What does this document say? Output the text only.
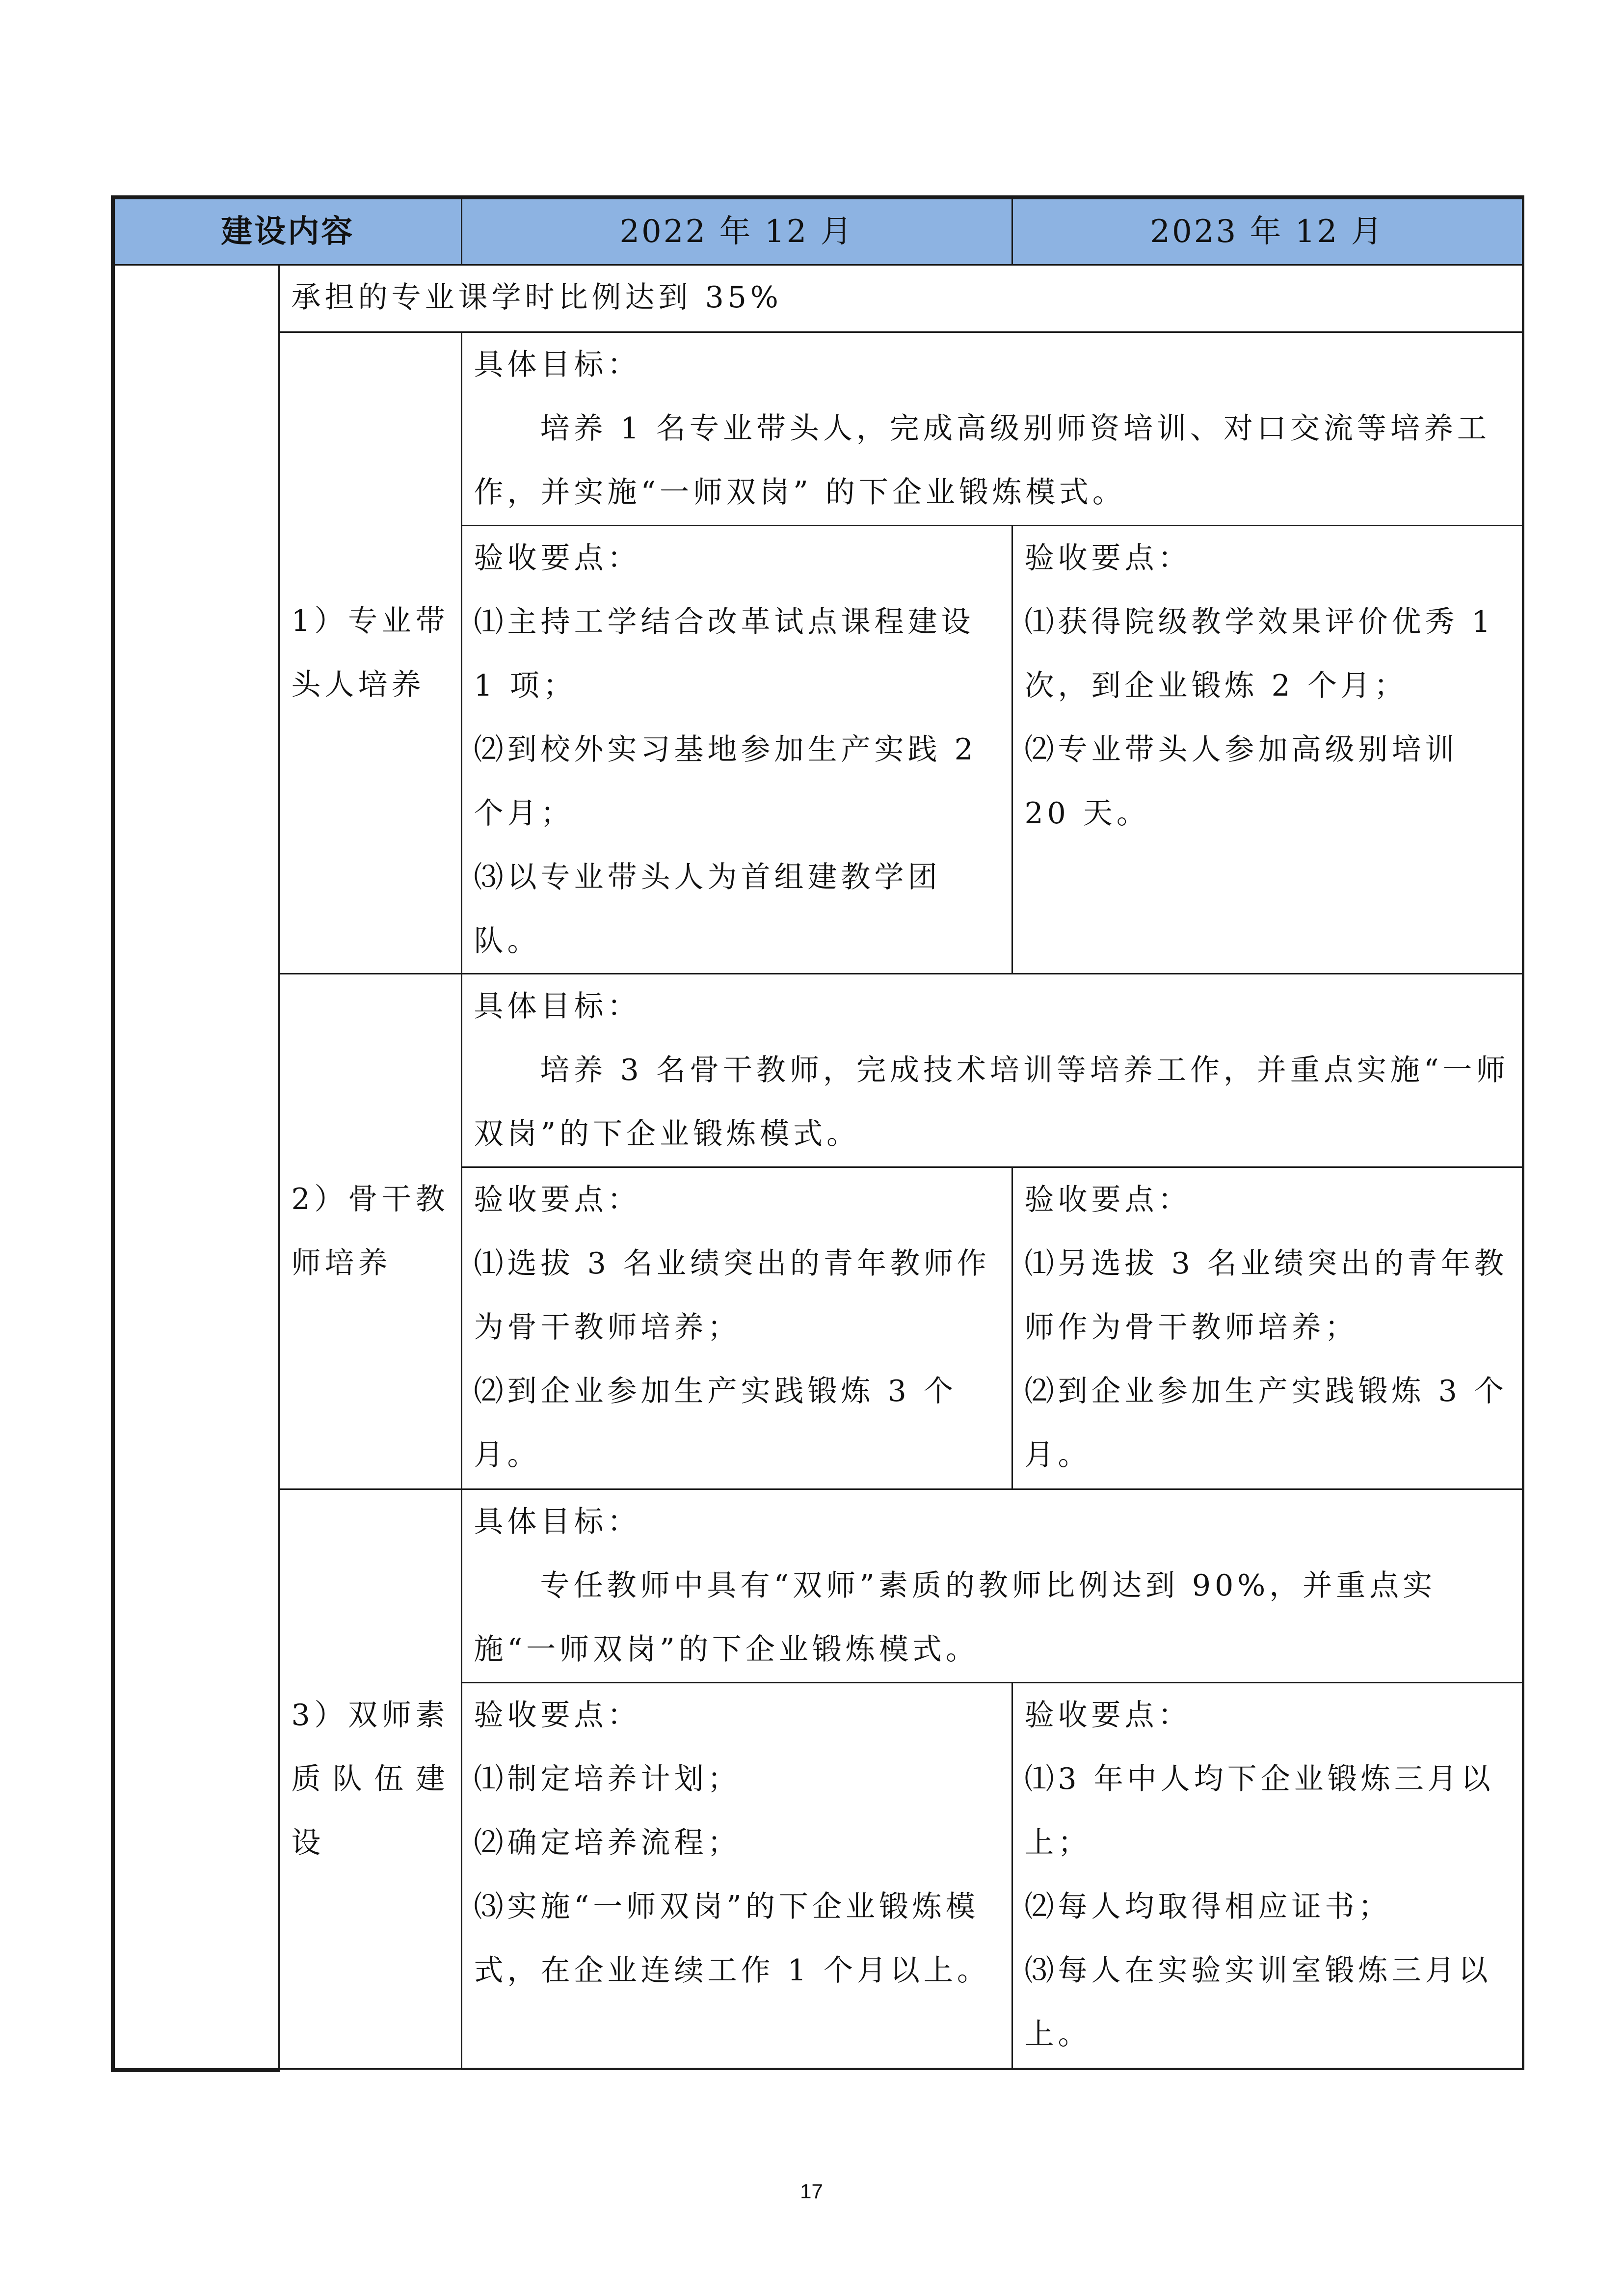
建设内容		2022 年 12 月	2023 年 12 月
	承担的专业课学时比例达到 35%		

	1）专业带头人培养	具体目标：
培养 1 名专业带头人，完成高级别师资培训、对口交流等培养工作，并实施“一师双岗” 的下企业锻炼模式。	

		验收要点：
⑴主持工学结合改革试点课程建设 1 项；
⑵到校外实习基地参加生产实践 2 个月；
⑶以专业带头人为首组建教学团队。	验收要点：
⑴获得院级教学效果评价优秀 1 次，到企业锻炼 2 个月；
⑵专业带头人参加高级别培训 20 天。

	2）骨干教师培养	具体目标：
培养 3 名骨干教师，完成技术培训等培养工作，并重点实施“一师双岗”的下企业锻炼模式。	

		验收要点：
⑴选拔 3 名业绩突出的青年教师作为骨干教师培养；
⑵到企业参加生产实践锻炼 3 个月。	验收要点：
⑴另选拔 3 名业绩突出的青年教师作为骨干教师培养；
⑵到企业参加生产实践锻炼 3 个月。

	3）双师素质队伍建设	具体目标：
专任教师中具有“双师”素质的教师比例达到 90%，并重点实施“一师双岗”的下企业锻炼模式。	

		验收要点：
⑴制定培养计划；
⑵确定培养流程；
⑶实施“一师双岗”的下企业锻炼模式，在企业连续工作 1 个月以上。	验收要点：
⑴3 年中人均下企业锻炼三月以上；
⑵每人均取得相应证书；
⑶每人在实验实训室锻炼三月以上。

17
